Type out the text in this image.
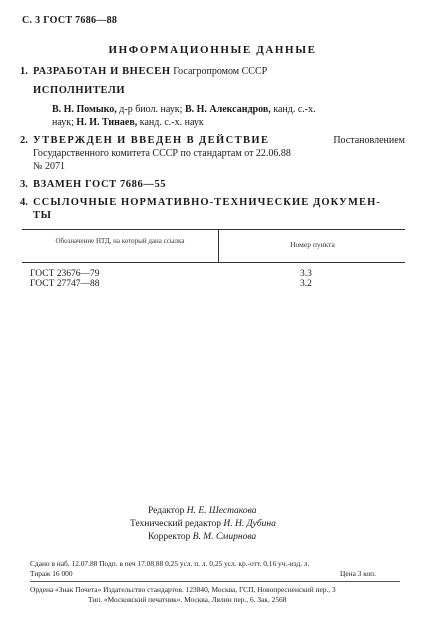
С. 3 ГОСТ 7686—88
ИНФОРМАЦИОННЫЕ ДАННЫЕ
1. РАЗРАБОТАН И ВНЕСЕН Госагропромом СССР
ИСПОЛНИТЕЛИ
В. Н. Помыко, д-р биол. наук; В. Н. Александров, канд. с.-х.
наук; Н. И. Тинаев, канд. с.-х. наук
2. УТВЕРЖДЕН И ВВЕДЕН В ДЕЙСТВИЕ	Постановлением
Государственного комитета СССР по стандартам от 22.06.88
№ 2071
3. ВЗАМЕН ГОСТ 7686—55
4. ССЫЛОЧНЫЕ НОРМАТИВНО-ТЕХНИЧЕСКИЕ ДОКУМЕН-
ТЫ
Обозначение НТД, на который дана ссылка	Номер пункта
ГОСТ 23676—79	3.3
ГОСТ 27747—88	3.2
Редактор Н. Е. Шестакова
Технический редактор И. Н. Дубина
Корректор В. М. Смирнова
Сдано в наб. 12.07.88 Подп. в печ 17.08.88 0,25 усл. п. л. 0,25 усл. кр.-отт. 0,16 уч.-изд. л.
Тираж 16 000	Цена 3 коп.
Ордена «Знак Почета» Издательство стандартов. 123840, Москва, ГСП, Новопресненский пер., 3
Тип. «Московский печатник». Москва, Лялин пер., 6. Зак. 2568
